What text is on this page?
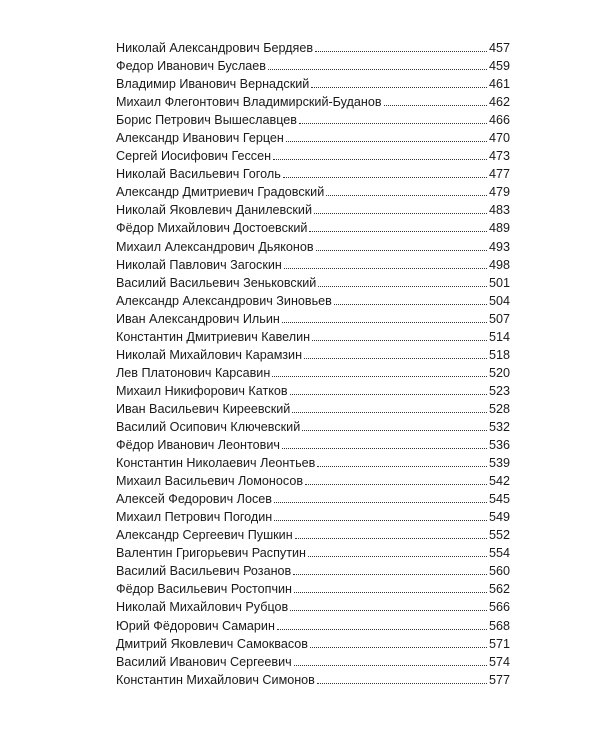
Николай Александрович Бердяев	457
Федор Иванович Буслаев	459
Владимир Иванович Вернадский	461
Михаил Флегонтович Владимирский-Буданов	462
Борис Петрович Вышеславцев	466
Александр Иванович Герцен	470
Сергей Иосифович Гессен	473
Николай Васильевич Гоголь	477
Александр Дмитриевич Градовский	479
Николай Яковлевич Данилевский	483
Фёдор Михайлович Достоевский	489
Михаил Александрович Дьяконов	493
Николай Павлович Загоскин	498
Василий Васильевич Зеньковский	501
Александр Александрович Зиновьев	504
Иван Александрович Ильин	507
Константин Дмитриевич Кавелин	514
Николай Михайлович Карамзин	518
Лев Платонович Карсавин	520
Михаил Никифорович Катков	523
Иван Васильевич Киреевский	528
Василий Осипович Ключевский	532
Фёдор Иванович Леонтович	536
Константин Николаевич Леонтьев	539
Михаил Васильевич Ломоносов	542
Алексей Федорович Лосев	545
Михаил Петрович Погодин	549
Александр Сергеевич Пушкин	552
Валентин Григорьевич Распутин	554
Василий Васильевич Розанов	560
Фёдор Васильевич Ростопчин	562
Николай Михайлович Рубцов	566
Юрий Фёдорович Самарин	568
Дмитрий Яковлевич Самоквасов	571
Василий Иванович Сергеевич	574
Константин Михайлович Симонов	577
